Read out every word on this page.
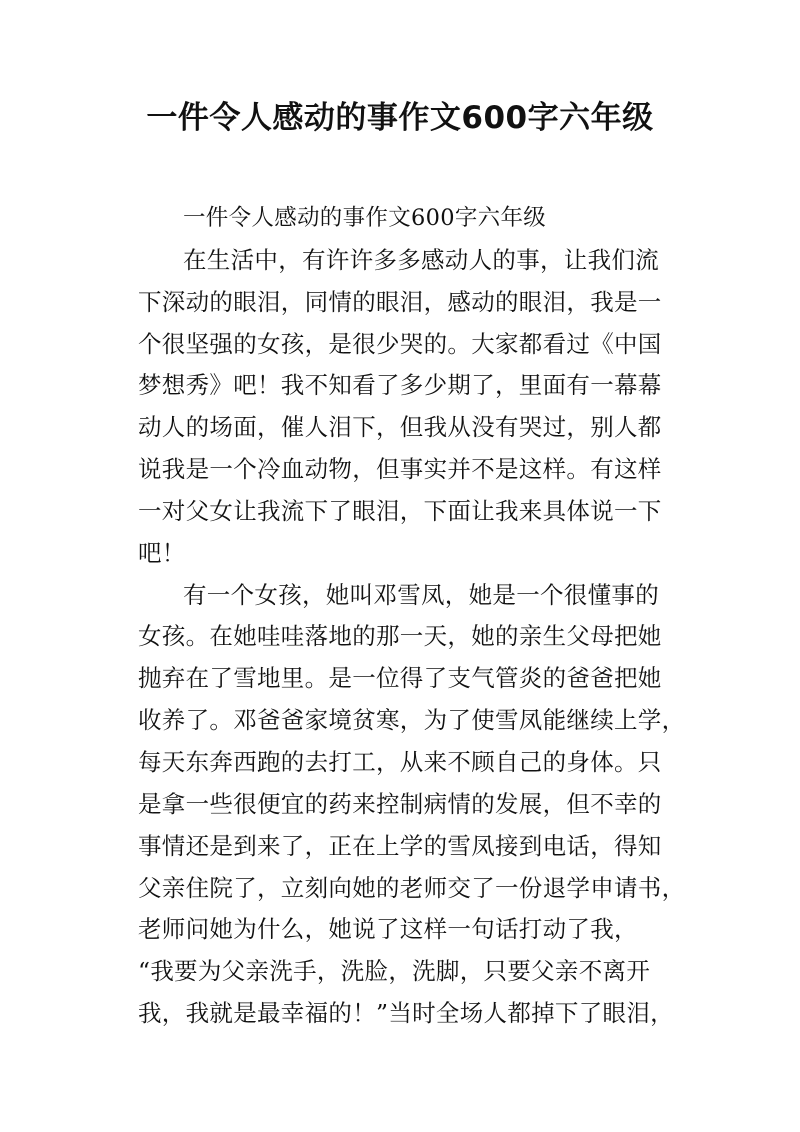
一件令人感动的事作文600字六年级
一件令人感动的事作文600字六年级
在生活中，有许许多多感动人的事，让我们流
下深动的眼泪，同情的眼泪，感动的眼泪，我是一
个很坚强的女孩，是很少哭的。大家都看过《中国
梦想秀》吧！我不知看了多少期了，里面有一幕幕
动人的场面，催人泪下，但我从没有哭过，别人都
说我是一个冷血动物，但事实并不是这样。有这样
一对父女让我流下了眼泪，下面让我来具体说一下
吧！
有一个女孩，她叫邓雪凤，她是一个很懂事的
女孩。在她哇哇落地的那一天，她的亲生父母把她
抛弃在了雪地里。是一位得了支气管炎的爸爸把她
收养了。邓爸爸家境贫寒，为了使雪凤能继续上学，
每天东奔西跑的去打工，从来不顾自己的身体。只
是拿一些很便宜的药来控制病情的发展，但不幸的
事情还是到来了，正在上学的雪凤接到电话，得知
父亲住院了，立刻向她的老师交了一份退学申请书，
老师问她为什么，她说了这样一句话打动了我，
“我要为父亲洗手，洗脸，洗脚，只要父亲不离开
我，我就是最幸福的！”当时全场人都掉下了眼泪，
